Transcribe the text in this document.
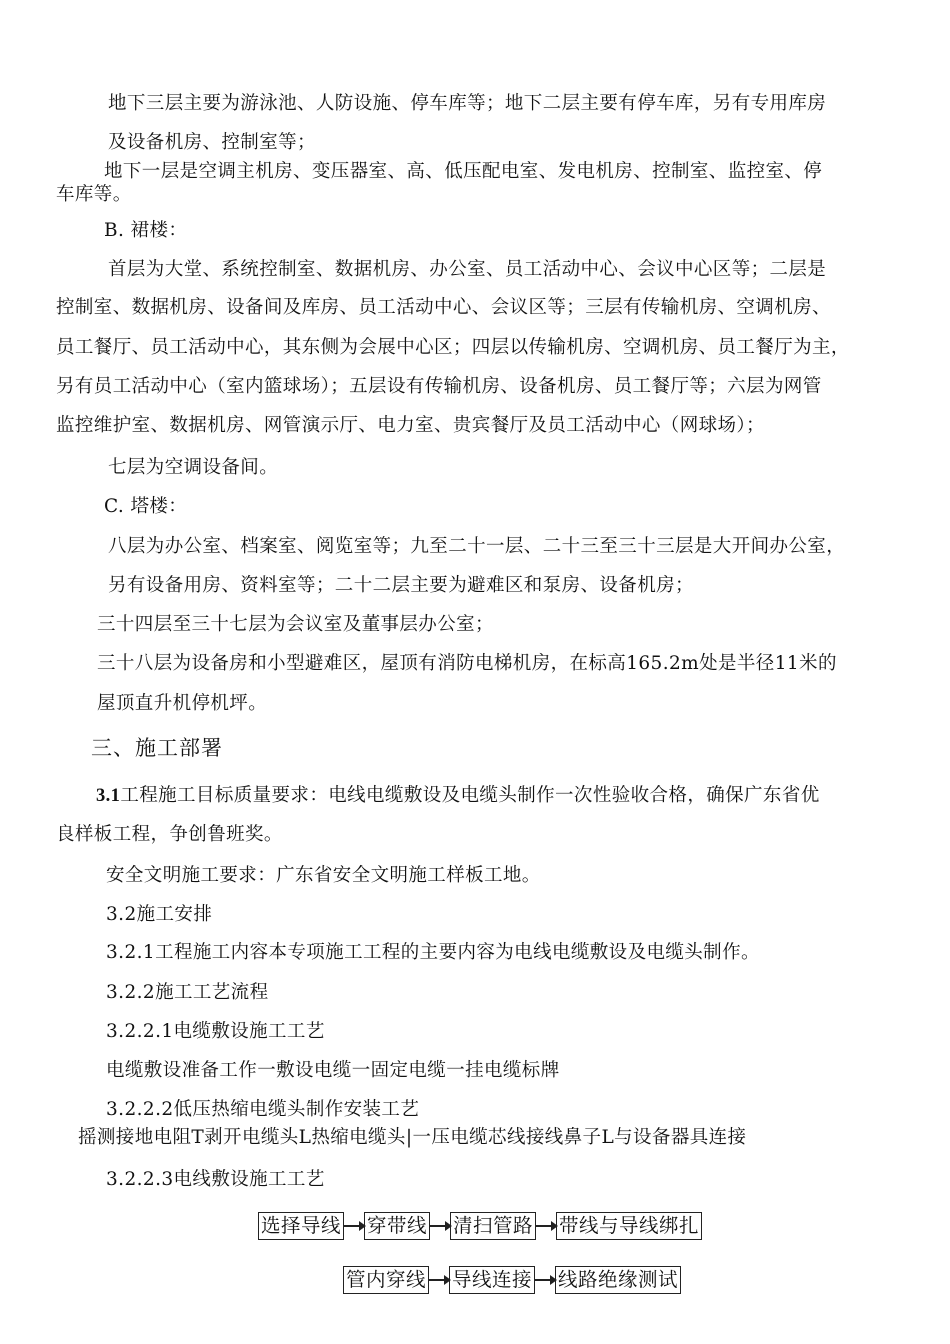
地下三层主要为游泳池、人防设施、停车库等；地下二层主要有停车库，另有专用库房
及设备机房、控制室等；
地下一层是空调主机房、变压器室、高、低压配电室、发电机房、控制室、监控室、停
车库等。
B. 裙楼：
首层为大堂、系统控制室、数据机房、办公室、员工活动中心、会议中心区等；二层是
控制室、数据机房、设备间及库房、员工活动中心、会议区等；三层有传输机房、空调机房、
员工餐厅、员工活动中心，其东侧为会展中心区；四层以传输机房、空调机房、员工餐厅为主，
另有员工活动中心（室内篮球场）；五层设有传输机房、设备机房、员工餐厅等；六层为网管
监控维护室、数据机房、网管演示厅、电力室、贵宾餐厅及员工活动中心（网球场）；
七层为空调设备间。
C. 塔楼：
八层为办公室、档案室、阅览室等；九至二十一层、二十三至三十三层是大开间办公室，
另有设备用房、资料室等；二十二层主要为避难区和泵房、设备机房；
三十四层至三十七层为会议室及董事层办公室；
三十八层为设备房和小型避难区，屋顶有消防电梯机房，在标高165.2m处是半径11米的
屋顶直升机停机坪。
三、施工部署
3.1工程施工目标质量要求：电线电缆敷设及电缆头制作一次性验收合格，确保广东省优
良样板工程，争创鲁班奖。
安全文明施工要求：广东省安全文明施工样板工地。
3.2施工安排
3.2.1工程施工内容本专项施工工程的主要内容为电线电缆敷设及电缆头制作。
3.2.2施工工艺流程
3.2.2.1电缆敷设施工工艺
电缆敷设准备工作一敷设电缆一固定电缆一挂电缆标牌
3.2.2.2低压热缩电缆头制作安装工艺
摇测接地电阻T剥开电缆头L热缩电缆头|一压电缆芯线接线鼻子L与设备器具连接
3.2.2.3电线敷设施工工艺
选择导线 穿带线 清扫管路 带线与导线绑扎
管内穿线 导线连接 线路绝缘测试
